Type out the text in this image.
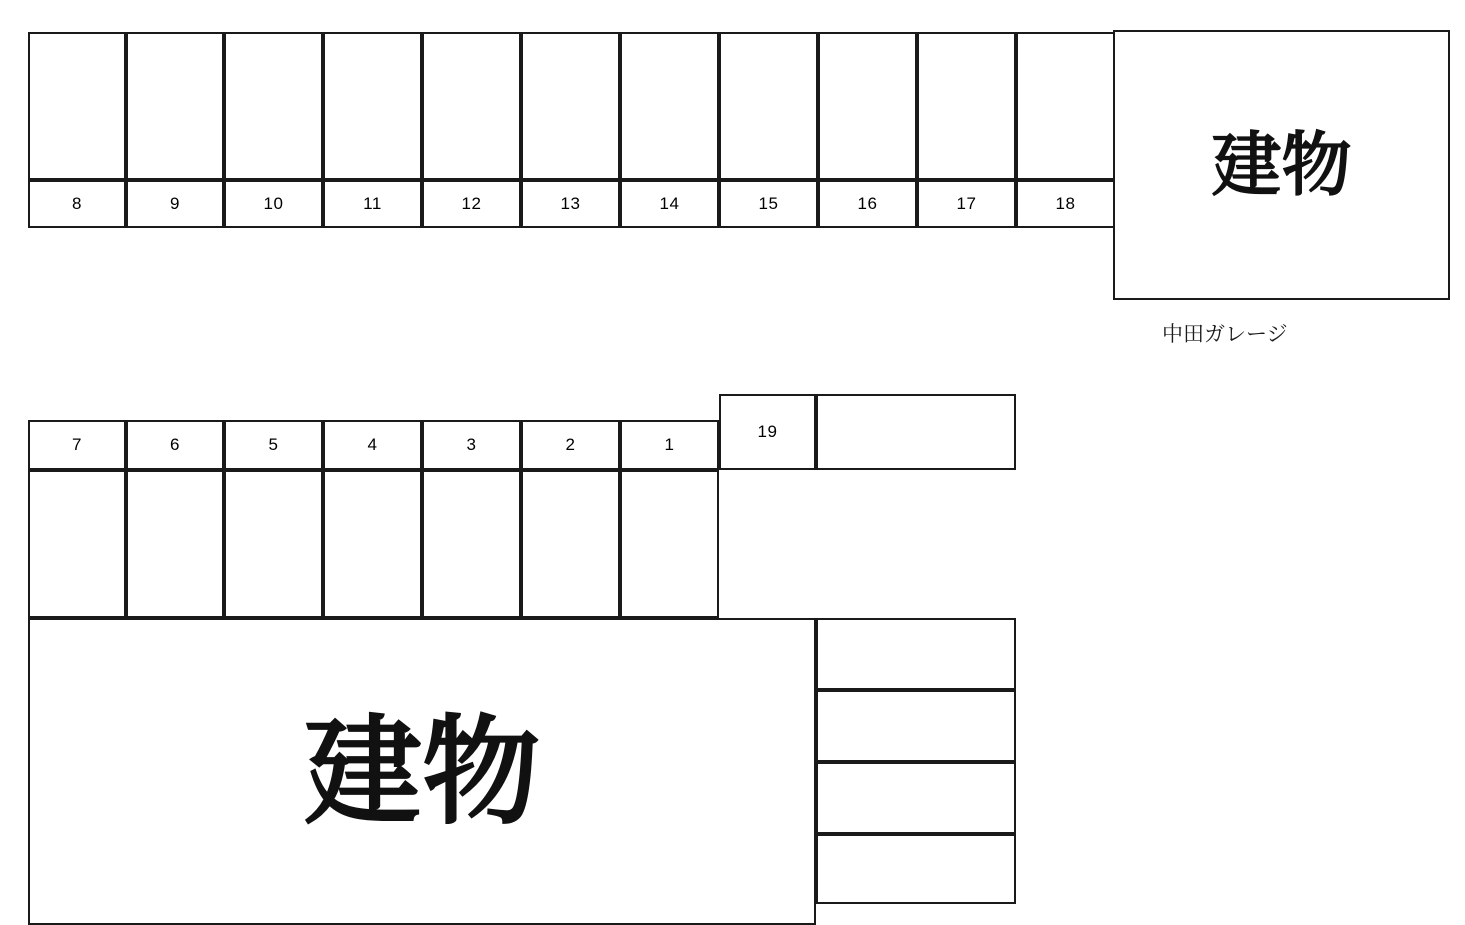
8	9	10	11	12	13	14	15	16	17	18 建物
中田ガレージ
7	6	5	4	3	2	1
19
建物
